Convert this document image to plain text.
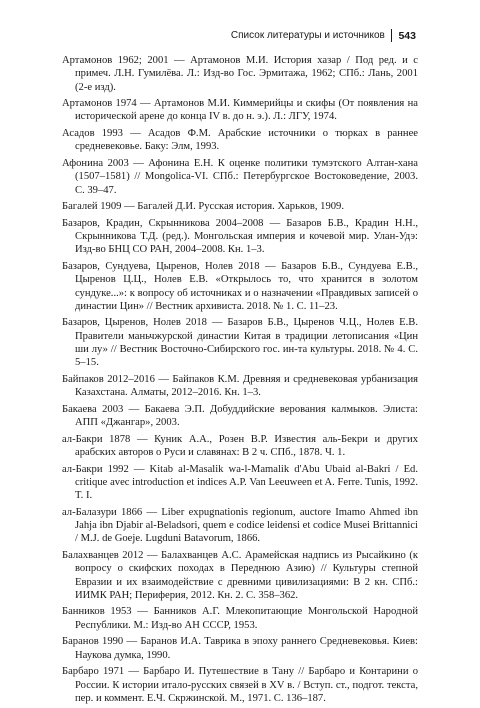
Список литературы и источников 543

Артамонов 1962; 2001 — Артамонов М.И. История хазар / Под ред. и с примеч. Л.Н. Гумилёва. Л.: Изд-во Гос. Эрмитажа, 1962; СПб.: Лань, 2001 (2-е изд).

Артамонов 1974 — Артамонов М.И. Киммерийцы и скифы (От появления на исторической арене до конца IV в. до н. э.). Л.: ЛГУ, 1974.

Асадов 1993 — Асадов Ф.М. Арабские источники о тюрках в раннее средневековье. Баку: Элм, 1993.

Афонина 2003 — Афонина Е.Н. К оценке политики тумэтского Алтан-хана (1507–1581) // Mongolica-VI. СПб.: Петербургское Востоковедение, 2003. С. 39–47.

Багалей 1909 — Багалей Д.И. Русская история. Харьков, 1909.

Базаров, Крадин, Скрынникова 2004–2008 — Базаров Б.В., Крадин Н.Н., Скрынникова Т.Д. (ред.). Монгольская империя и кочевой мир. Улан-Удэ: Изд-во БНЦ СО РАН, 2004–2008. Кн. 1–3.

Базаров, Сундуева, Цыренов, Нолев 2018 — Базаров Б.В., Сундуева Е.В., Цыренов Ц.Ц., Нолев Е.В. «Открылось то, что хранится в золотом сундуке...»: к вопросу об источниках и о назначении «Правдивых записей о династии Цин» // Вестник архивиста. 2018. № 1. С. 11–23.

Базаров, Цыренов, Нолев 2018 — Базаров Б.В., Цыренов Ч.Ц., Нолев Е.В. Правители маньчжурской династии Китая в традиции летописания «Цин ши лу» // Вестник Восточно-Сибирского гос. ин-та культуры. 2018. № 4. С. 5–15.

Байпаков 2012–2016 — Байпаков К.М. Древняя и средневековая урбанизация Казахстана. Алматы, 2012–2016. Кн. 1–3.

Бакаева 2003 — Бакаева Э.П. Добуддийские верования калмыков. Элиста: АПП «Джангар», 2003.

ал-Бакри 1878 — Куник А.А., Розен В.Р. Известия аль-Бекри и других арабских авторов о Руси и славянах: В 2 ч. СПб., 1878. Ч. 1.

ал-Бакри 1992 — Kitab al-Masalik wa-l-Mamalik d'Abu Ubaid al-Bakri / Ed. critique avec introduction et indices A.P. Van Leeuween et A. Ferre. Tunis, 1992. T. I.

ал-Балазури 1866 — Liber expugnationis regionum, auctore Imamo Ahmed ibn Jahja ibn Djabir al-Beladsori, quem e codice leidensi et codice Musei Brittannici / M.J. de Goeje. Lugduni Batavorum, 1866.

Балахванцев 2012 — Балахванцев А.С. Арамейская надпись из Рысайкино (к вопросу о скифских походах в Переднюю Азию) // Культуры степной Евразии и их взаимодействие с древними цивилизациями: В 2 кн. СПб.: ИИМК РАН; Периферия, 2012. Кн. 2. С. 358–362.

Банников 1953 — Банников А.Г. Млекопитающие Монгольской Народной Республики. М.: Изд-во АН СССР, 1953.

Баранов 1990 — Баранов И.А. Таврика в эпоху раннего Средневековья. Киев: Наукова думка, 1990.

Барбаро 1971 — Барбаро И. Путешествие в Тану // Барбаро и Контарини о России. К истории итало-русских связей в XV в. / Вступ. ст., подгот. текста, пер. и коммент. Е.Ч. Скржинской. М., 1971. С. 136–187.
